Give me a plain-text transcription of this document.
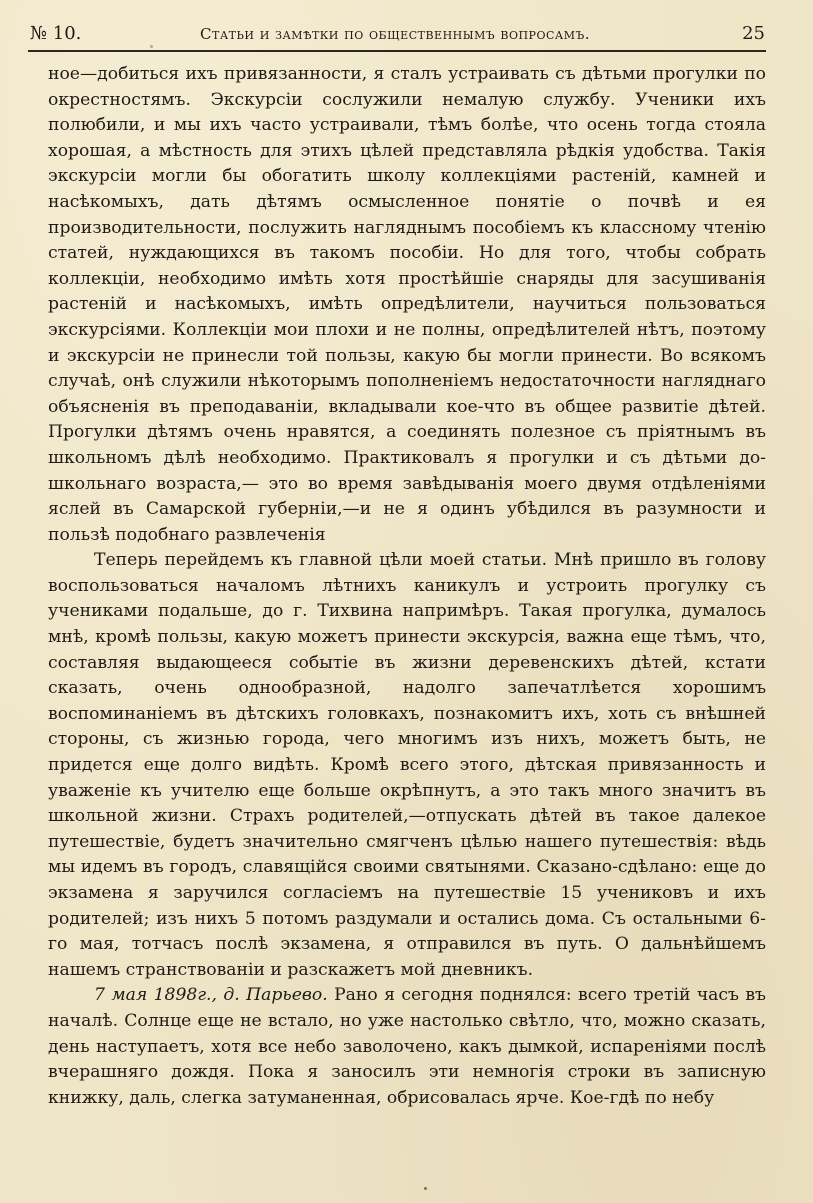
№ 10.	Статьи и замѣтки по общественнымъ вопросамъ.	25

ное—добиться ихъ привязанности, я сталъ устраивать съ дѣтьми прогулки по окрестностямъ. Экскурсіи сослужили немалую службу. Ученики ихъ полюбили, и мы ихъ часто устраивали, тѣмъ болѣе, что осень тогда стояла хорошая, а мѣстность для этихъ цѣлей представляла рѣдкія удобства. Такія экскурсіи могли бы обогатить школу коллекціями растеній, камней и насѣкомыхъ, дать дѣтямъ осмысленное понятіе о почвѣ и ея производительности, послужить нагляднымъ пособіемъ къ классному чтенію статей, нуждающихся въ такомъ пособіи. Но для того, чтобы собрать коллекціи, необходимо имѣть хотя простѣйшіе снаряды для засушиванія растеній и насѣкомыхъ, имѣть опредѣлители, научиться пользоваться экскурсіями. Коллекціи мои плохи и не полны, опредѣлителей нѣтъ, поэтому и экскурсіи не принесли той пользы, какую бы могли принести. Во всякомъ случаѣ, онѣ служили нѣкоторымъ пополненіемъ недостаточности нагляднаго объясненія въ преподаваніи, вкладывали кое-что въ общее развитіе дѣтей. Прогулки дѣтямъ очень нравятся, а соединять полезное съ пріятнымъ въ школьномъ дѣлѣ необходимо. Практиковалъ я прогулки и съ дѣтьми до-школьнаго возраста,— это во время завѣдыванія моего двумя отдѣленіями яслей въ Самарской губерніи,—и не я одинъ убѣдился въ разумности и пользѣ подобнаго развлеченія

Теперь перейдемъ къ главной цѣли моей статьи. Мнѣ пришло въ голову воспользоваться началомъ лѣтнихъ каникулъ и устроить прогулку съ учениками подальше, до г. Тихвина напримѣръ. Такая прогулка, думалось мнѣ, кромѣ пользы, какую можетъ принести экскурсія, важна еще тѣмъ, что, составляя выдающееся событіе въ жизни деревенскихъ дѣтей, кстати сказать, очень однообразной, надолго запечатлѣется хорошимъ воспоминаніемъ въ дѣтскихъ головкахъ, познакомитъ ихъ, хоть съ внѣшней стороны, съ жизнью города, чего многимъ изъ нихъ, можетъ быть, не придется еще долго видѣть. Кромѣ всего этого, дѣтская привязанность и уваженіе къ учителю еще больше окрѣпнутъ, а это такъ много значитъ въ школьной жизни. Страхъ родителей,—отпускать дѣтей въ такое далекое путешествіе, будетъ значительно смягченъ цѣлью нашего путешествія: вѣдь мы идемъ въ городъ, славящійся своими святынями. Сказано-сдѣлано: еще до экзамена я заручился согласіемъ на путешествіе 15 учениковъ и ихъ родителей; изъ нихъ 5 потомъ раздумали и остались дома. Съ остальными 6-го мая, тотчасъ послѣ экзамена, я отправился въ путь. О дальнѣйшемъ нашемъ странствованіи и разскажетъ мой дневникъ.

7 мая 1898г., д. Парьево. Рано я сегодня поднялся: всего третій часъ въ началѣ. Солнце еще не встало, но уже настолько свѣтло, что, можно сказать, день наступаетъ, хотя все небо заволочено, какъ дымкой, испареніями послѣ вчерашняго дождя. Пока я заносилъ эти немногія строки въ записную книжку, даль, слегка затуманенная, обрисовалась ярче. Кое-гдѣ по небу
